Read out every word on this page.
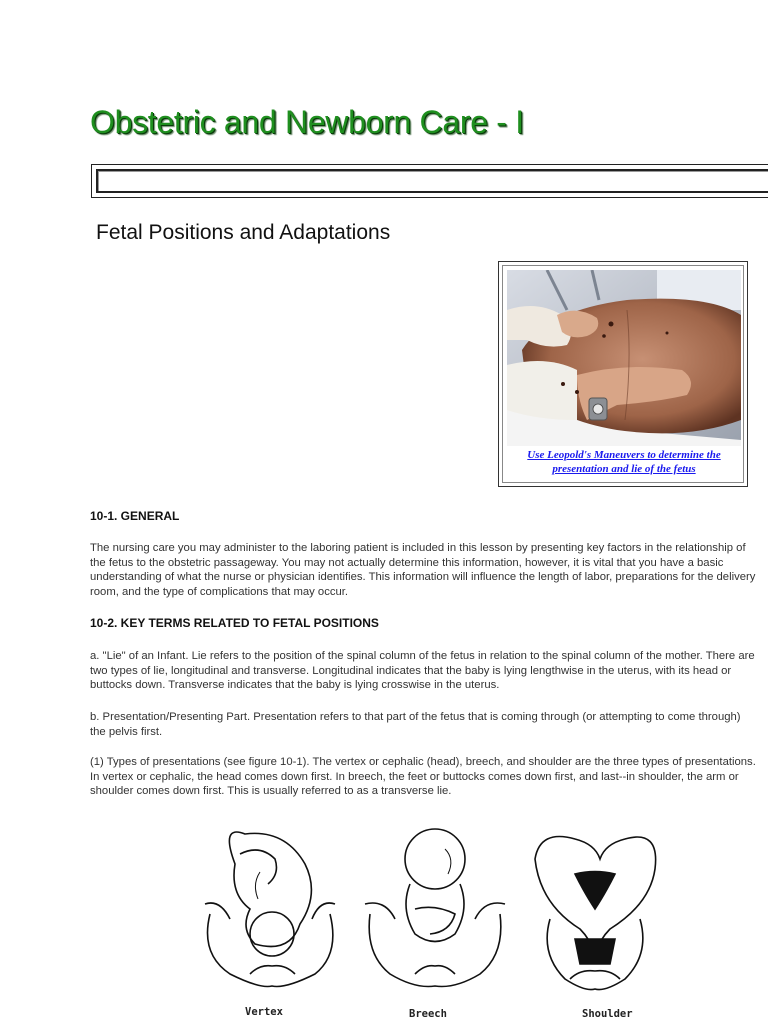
Obstetric and Newborn Care - I
Fetal Positions and Adaptations
Use Leopold's Maneuvers to determine the presentation and lie of the fetus
10-1. GENERAL

The nursing care you may administer to the laboring patient is included in this lesson by presenting key factors in the relationship of the fetus to the obstetric passageway. You may not actually determine this information, however, it is vital that you have a basic understanding of what the nurse or physician identifies. This information will influence the length of labor, preparations for the delivery room, and the type of complications that may occur.

10-2. KEY TERMS RELATED TO FETAL POSITIONS

a. "Lie" of an Infant. Lie refers to the position of the spinal column of the fetus in relation to the spinal column of the mother. There are two types of lie, longitudinal and transverse. Longitudinal indicates that the baby is lying lengthwise in the uterus, with its head or buttocks down. Transverse indicates that the baby is lying crosswise in the uterus.

b. Presentation/Presenting Part. Presentation refers to that part of the fetus that is coming through (or attempting to come through) the pelvis first.

(1) Types of presentations (see figure 10-1). The vertex or cephalic (head), breech, and shoulder are the three types of presentations. In vertex or cephalic, the head comes down first. In breech, the feet or buttocks comes down first, and last--in shoulder, the arm or shoulder comes down first. This is usually referred to as a transverse lie.

Vertex	Breech	Shoulder
